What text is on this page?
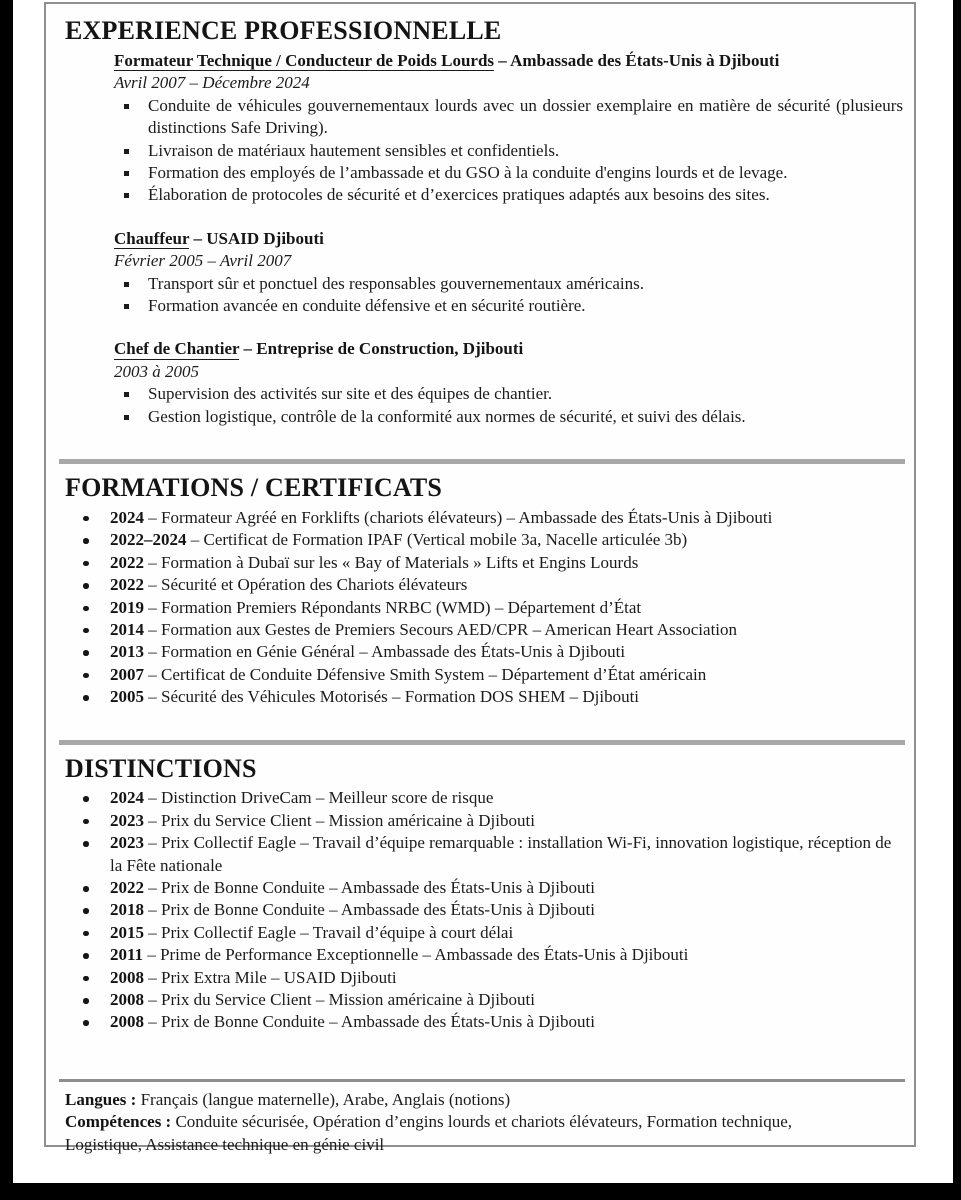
EXPERIENCE PROFESSIONNELLE
Formateur Technique / Conducteur de Poids Lourds – Ambassade des États-Unis à Djibouti
Avril 2007 – Décembre 2024
Conduite de véhicules gouvernementaux lourds avec un dossier exemplaire en matière de sécurité (plusieurs distinctions Safe Driving).
Livraison de matériaux hautement sensibles et confidentiels.
Formation des employés de l’ambassade et du GSO à la conduite d'engins lourds et de levage.
Élaboration de protocoles de sécurité et d’exercices pratiques adaptés aux besoins des sites.
Chauffeur – USAID Djibouti
Février 2005 – Avril 2007
Transport sûr et ponctuel des responsables gouvernementaux américains.
Formation avancée en conduite défensive et en sécurité routière.
Chef de Chantier – Entreprise de Construction, Djibouti
2003 à 2005
Supervision des activités sur site et des équipes de chantier.
Gestion logistique, contrôle de la conformité aux normes de sécurité, et suivi des délais.
FORMATIONS / CERTIFICATS
2024 – Formateur Agréé en Forklifts (chariots élévateurs) – Ambassade des États-Unis à Djibouti
2022–2024 – Certificat de Formation IPAF (Vertical mobile 3a, Nacelle articulée 3b)
2022 – Formation à Dubaï sur les « Bay of Materials » Lifts et Engins Lourds
2022 – Sécurité et Opération des Chariots élévateurs
2019 – Formation Premiers Répondants NRBC (WMD) – Département d’État
2014 – Formation aux Gestes de Premiers Secours AED/CPR – American Heart Association
2013 – Formation en Génie Général – Ambassade des États-Unis à Djibouti
2007 – Certificat de Conduite Défensive Smith System – Département d’État américain
2005 – Sécurité des Véhicules Motorisés – Formation DOS SHEM – Djibouti
DISTINCTIONS
2024 – Distinction DriveCam – Meilleur score de risque
2023 – Prix du Service Client – Mission américaine à Djibouti
2023 – Prix Collectif Eagle – Travail d’équipe remarquable : installation Wi-Fi, innovation logistique, réception de la Fête nationale
2022 – Prix de Bonne Conduite – Ambassade des États-Unis à Djibouti
2018 – Prix de Bonne Conduite – Ambassade des États-Unis à Djibouti
2015 – Prix Collectif Eagle – Travail d’équipe à court délai
2011 – Prime de Performance Exceptionnelle – Ambassade des États-Unis à Djibouti
2008 – Prix Extra Mile – USAID Djibouti
2008 – Prix du Service Client – Mission américaine à Djibouti
2008 – Prix de Bonne Conduite – Ambassade des États-Unis à Djibouti

Langues : Français (langue maternelle), Arabe, Anglais (notions)

Compétences : Conduite sécurisée, Opération d’engins lourds et chariots élévateurs, Formation technique, Logistique, Assistance technique en génie civil
